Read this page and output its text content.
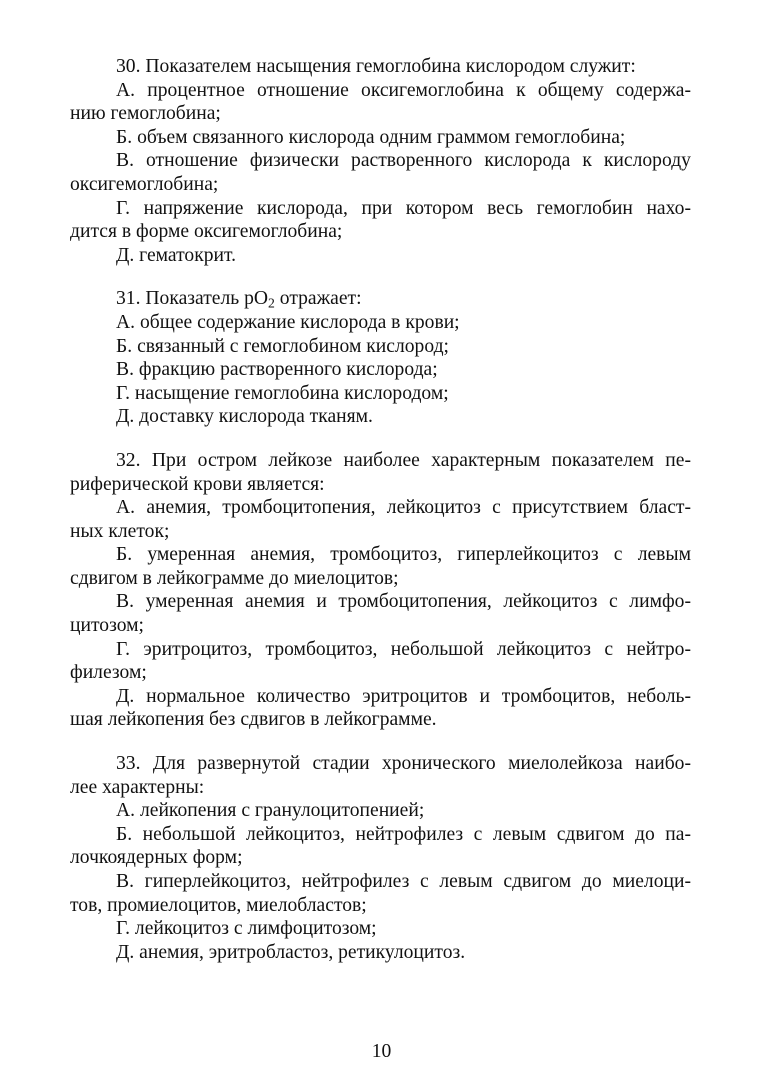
30. Показателем насыщения гемоглобина кислородом служит:
А. процентное отношение оксигемоглобина к общему содержа-
нию гемоглобина;
Б. объем связанного кислорода одним граммом гемоглобина;
В. отношение физически растворенного кислорода к кислороду
оксигемоглобина;
Г. напряжение кислорода, при котором весь гемоглобин нахо-
дится в форме оксигемоглобина;
Д. гематокрит.
31. Показатель $pO_2$ отражает:
А. общее содержание кислорода в крови;
Б. связанный с гемоглобином кислород;
В. фракцию растворенного кислорода;
Г. насыщение гемоглобина кислородом;
Д. доставку кислорода тканям.
32. При остром лейкозе наиболее характерным показателем пе-
риферической крови является:
А. анемия, тромбоцитопения, лейкоцитоз с присутствием бласт-
ных клеток;
Б. умеренная анемия, тромбоцитоз, гиперлейкоцитоз с левым
сдвигом в лейкограмме до миелоцитов;
В. умеренная анемия и тромбоцитопения, лейкоцитоз с лимфо-
цитозом;
Г. эритроцитоз, тромбоцитоз, небольшой лейкоцитоз с нейтро-
филезом;
Д. нормальное количество эритроцитов и тромбоцитов, неболь-
шая лейкопения без сдвигов в лейкограмме.
33. Для развернутой стадии хронического миелолейкоза наибо-
лее характерны:
А. лейкопения с гранулоцитопенией;
Б. небольшой лейкоцитоз, нейтрофилез с левым сдвигом до па-
лочкоядерных форм;
В. гиперлейкоцитоз, нейтрофилез с левым сдвигом до миелоци-
тов, промиелоцитов, миелобластов;
Г. лейкоцитоз с лимфоцитозом;
Д. анемия, эритробластоз, ретикулоцитоз.
10
